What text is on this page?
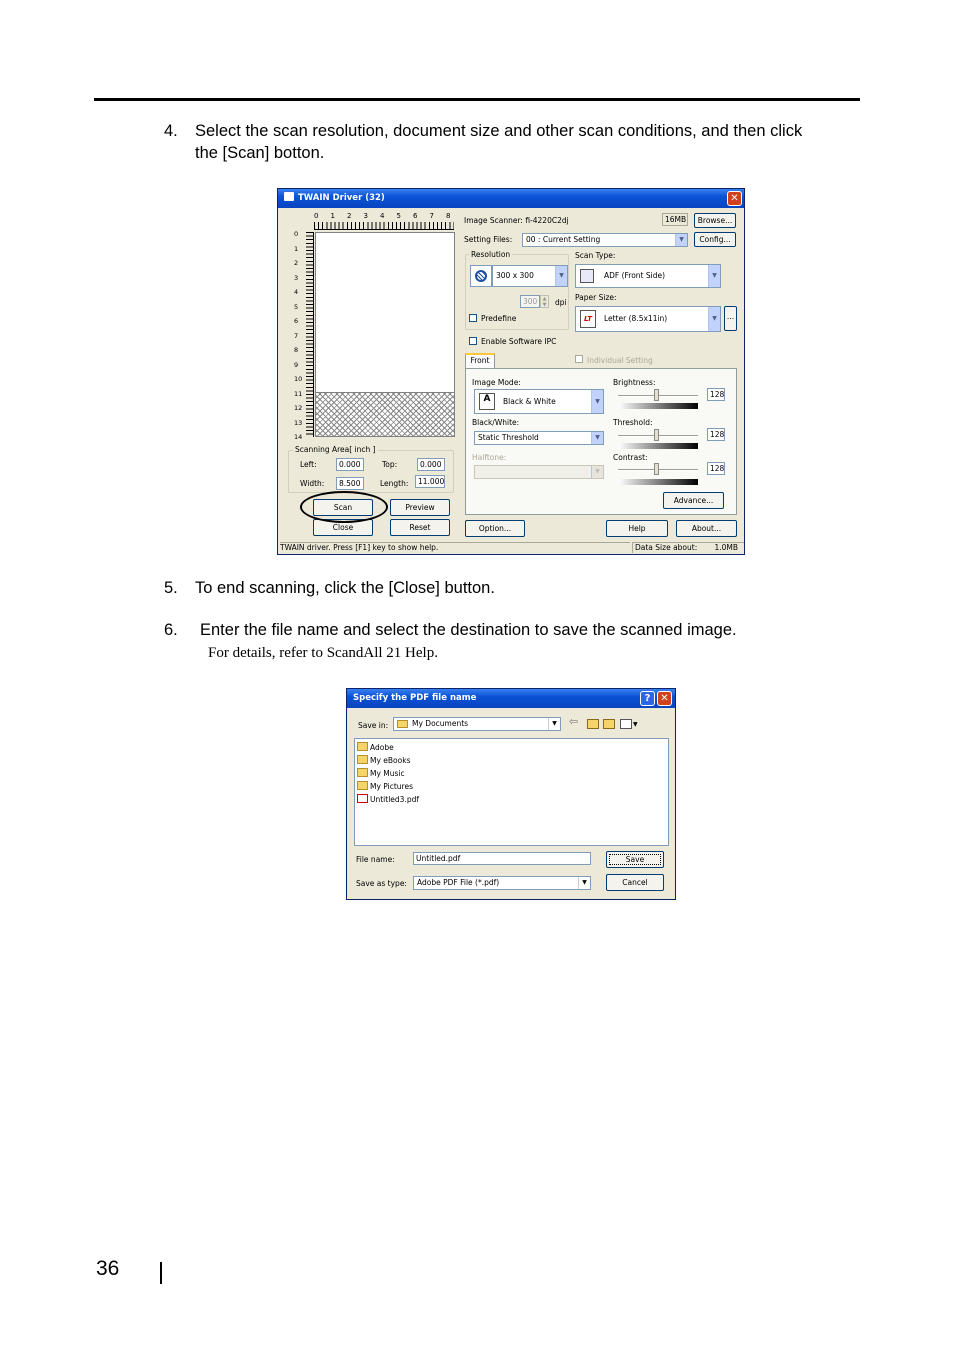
4. Select the scan resolution, document size and other scan conditions, and then click
the [Scan] botton.
TWAIN Driver (32)	✕
0 1 2 3 4 5 6 7 8
0
1
2
3
4
5
6
7
8
9
10
11
12
13
14
Scanning Area[ inch ]
Left:	0.000	Top:	0.000
Width:	8.500	Length:	11.000
Scan	Preview
Close	Reset
Image Scanner: fi-4220C2dj	16MB	Browse...
Setting Files:	00 : Current Setting	▼	Config...
Resolution
300 x 300	▼
300	▲
▼	dpi
Predefine
Scan Type:
ADF (Front Side)	▼
Paper Size:
LT	Letter (8.5x11in)	▼	...
Enable Software IPC
Front	Individual Setting
Image Mode:
A	Black & White	▼
Black/White:
Static Threshold	▼
Halftone:
▼
Brightness:
128
Threshold:
128
Contrast:
128
Advance...
Option...	Help	About...
TWAIN driver. Press [F1] key to show help.	Data Size about: 1.0MB
5. To end scanning, click the [Close] button.
6. Enter the file name and select the destination to save the scanned image.
For details, refer to ScandAll 21 Help.
Specify the PDF file name	? ✕
Save in:	My Documents	▼ ⇦	▼
File name:	Untitled.pdf
Save as type:	Adobe PDF File (*.pdf)	▼
Save
Cancel
Adobe
My eBooks
My Music
My Pictures
Untitled3.pdf
36
